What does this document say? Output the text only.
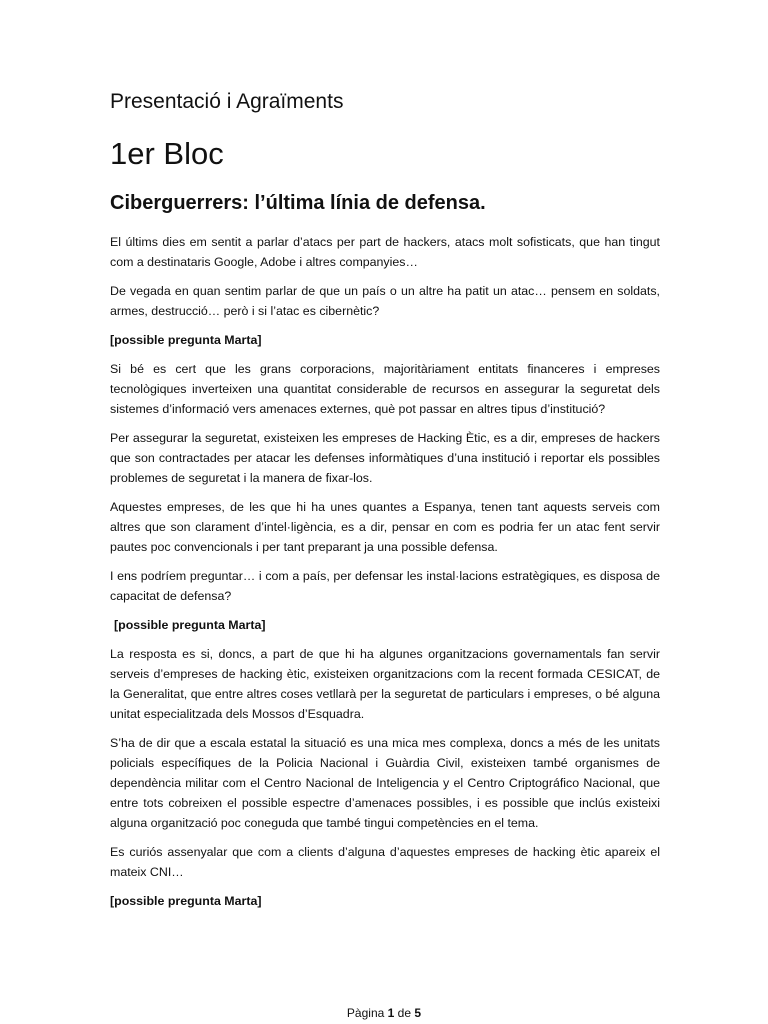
Presentació i Agraïments
1er Bloc
Ciberguerrers: l’última línia de defensa.

El últims dies em sentit a parlar d’atacs per part de hackers, atacs molt sofisticats, que han tingut com a destinataris Google, Adobe i altres companyies…

De vegada en quan sentim parlar de que un país o un altre ha patit un atac… pensem en soldats, armes, destrucció… però i si l’atac es cibernètic?

[possible pregunta Marta]

Si bé es cert que les grans corporacions, majoritàriament entitats financeres i empreses tecnològiques inverteixen una quantitat considerable de recursos en assegurar la seguretat dels sistemes d’informació vers amenaces externes, què pot passar en altres tipus d’institució?

Per assegurar la seguretat, existeixen les empreses de Hacking Ètic, es a dir, empreses de hackers que son contractades per atacar les defenses informàtiques d’una institució i reportar els possibles problemes de seguretat i la manera de fixar-los.

Aquestes empreses, de les que hi ha unes quantes a Espanya, tenen tant aquests serveis com altres que son clarament d’intel·ligència, es a dir, pensar en com es podria fer un atac fent servir pautes poc convencionals i per tant preparant ja una possible defensa.

I ens podríem preguntar… i com a país, per defensar les instal·lacions estratègiques, es disposa de capacitat de defensa?

[possible pregunta Marta]

La resposta es si, doncs, a part de que hi ha algunes organitzacions governamentals fan servir serveis d’empreses de hacking ètic, existeixen organitzacions com la recent formada CESICAT, de la Generalitat, que entre altres coses vetllarà per la seguretat de particulars i empreses, o bé alguna unitat especialitzada dels Mossos d’Esquadra.

S’ha de dir que a escala estatal la situació es una mica mes complexa, doncs a més de les unitats policials específiques de la Policia Nacional i Guàrdia Civil, existeixen també organismes de dependència militar com el Centro Nacional de Inteligencia y el Centro Criptográfico Nacional, que entre tots cobreixen el possible espectre d’amenaces possibles, i es possible que inclús existeixi alguna organització poc coneguda que també tingui competències en el tema.

Es curiós assenyalar que com a clients d’alguna d’aquestes empreses de hacking ètic apareix el mateix CNI…

[possible pregunta Marta]

Pàgina 1 de 5
